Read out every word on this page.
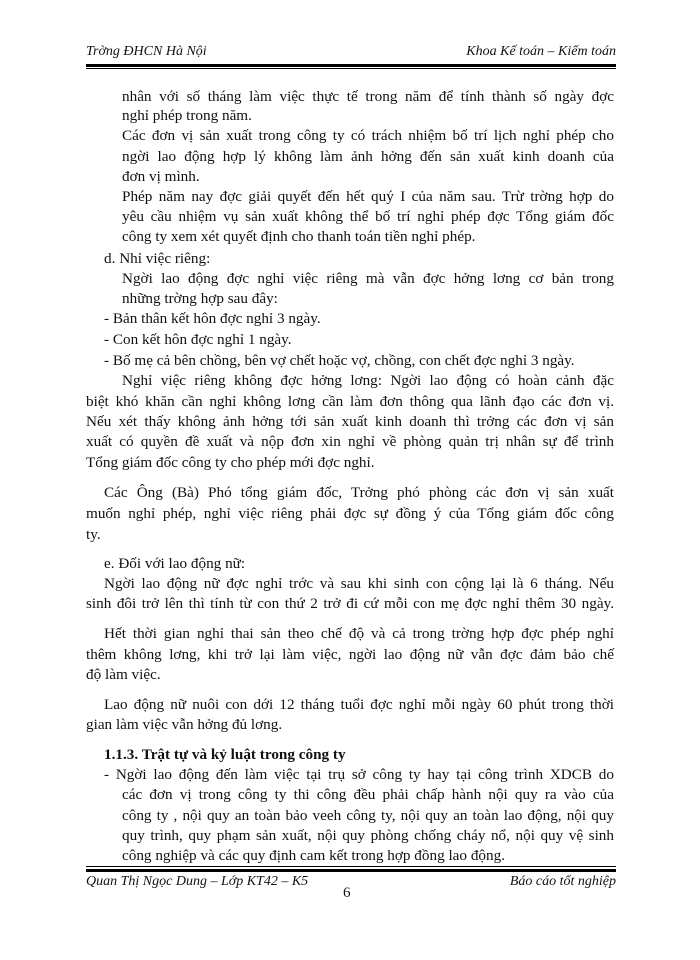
Trờng ĐHCN Hà Nội	Khoa Kế toán – Kiểm toán
nhân với số tháng làm việc thực tế trong năm để tính thành số ngày đợc
nghỉ phép trong năm.
Các đơn vị sản xuất trong công ty có trách nhiệm bố trí lịch nghỉ phép cho
ngời lao động hợp lý không làm ảnh hởng đến sản xuất kinh doanh của
đơn vị mình.
Phép năm nay đợc giải quyết đến hết quý I của năm sau. Trừ trờng hợp do
yêu cầu nhiệm vụ sản xuất không thể bố trí nghỉ phép đợc Tổng giám đốc
công ty xem xét quyết định cho thanh toán tiền nghỉ phép.
d. Nhỉ việc riêng:
Ngời lao động đợc nghỉ việc riêng mà vẫn đợc hởng lơng cơ bản trong
những trờng hợp sau đây:
- Bản thân kết hôn đợc nghỉ 3 ngày.
- Con kết hôn đợc nghỉ 1 ngày.
- Bố mẹ cả bên chồng, bên vợ chết hoặc vợ, chồng, con chết đợc nghỉ 3 ngày.
Nghỉ việc riêng không đợc hởng lơng: Ngời lao động có hoàn cảnh đặc
biệt khó khăn cần nghỉ không lơng cần làm đơn thông qua lãnh đạo các đơn vị.
Nếu xét thấy không ảnh hởng tới sản xuất kinh doanh thì trởng các đơn vị sản
xuất có quyền đề xuất và nộp đơn xin nghỉ về phòng quản trị nhân sự để trình
Tổng giám đốc công ty cho phép mới đợc nghỉ.
Các Ông (Bà) Phó tổng giám đốc, Trởng phó phòng các đơn vị sản xuất
muốn nghỉ phép, nghỉ việc riêng phải đợc sự đồng ý của Tổng giám đốc công
ty.
e. Đối với lao động nữ:
Ngời lao động nữ đợc nghỉ trớc và sau khi sinh con cộng lại là 6 tháng. Nếu
sinh đôi trở lên thì tính từ con thứ 2 trở đi cứ mỗi con mẹ đợc nghỉ thêm 30 ngày.
Hết thời gian nghỉ thai sản theo chế độ và cả trong trờng hợp đợc phép nghỉ
thêm không lơng, khi trở lại làm việc, ngời lao động nữ vẫn đợc đảm bảo chế
độ làm việc.
Lao động nữ nuôi con dới 12 tháng tuổi đợc nghỉ mỗi ngày 60 phút trong thời
gian làm việc vẫn hởng đủ lơng.
1.1.3. Trật tự và kỷ luật trong công ty
- Ngời lao động đến làm việc tại trụ sở công ty hay tại công trình XDCB do
các đơn vị trong công ty thi công đều phải chấp hành nội quy ra vào của
công ty , nội quy an toàn bảo veeh công ty, nội quy an toàn lao động, nội quy
quy trình, quy phạm sản xuất, nội quy phòng chống cháy nổ, nội quy vệ sinh
công nghiệp và các quy định cam kết trong hợp đồng lao động.
Quan Thị Ngọc Dung – Lớp KT42 – K5	Báo cáo tốt nghiệp
6
